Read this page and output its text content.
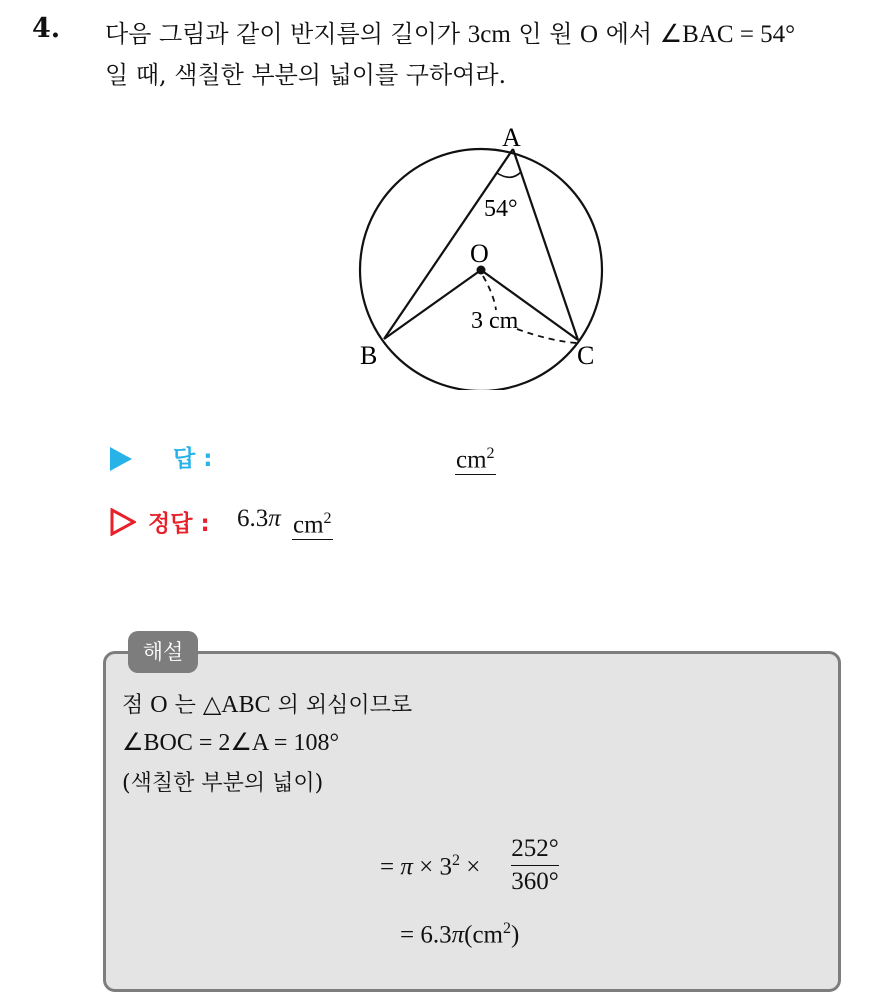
4. 다음 그림과 같이 반지름의 길이가 3cm 인 원 O 에서 ∠BAC = 54°
일 때, 색칠한 부분의 넓이를 구하여라.
A
O
B	C
54°
3 cm
답 :	$cm^2$
정답 : 6.3π $cm^2$
해설
점 O 는 △ABC 의 외심이므로
∠BOC = 2∠A = 108°
(색칠한 부분의 넓이)
= $\pi \times 3^2$ ×
252°
360°
= $6.3\pi(cm^2)$
